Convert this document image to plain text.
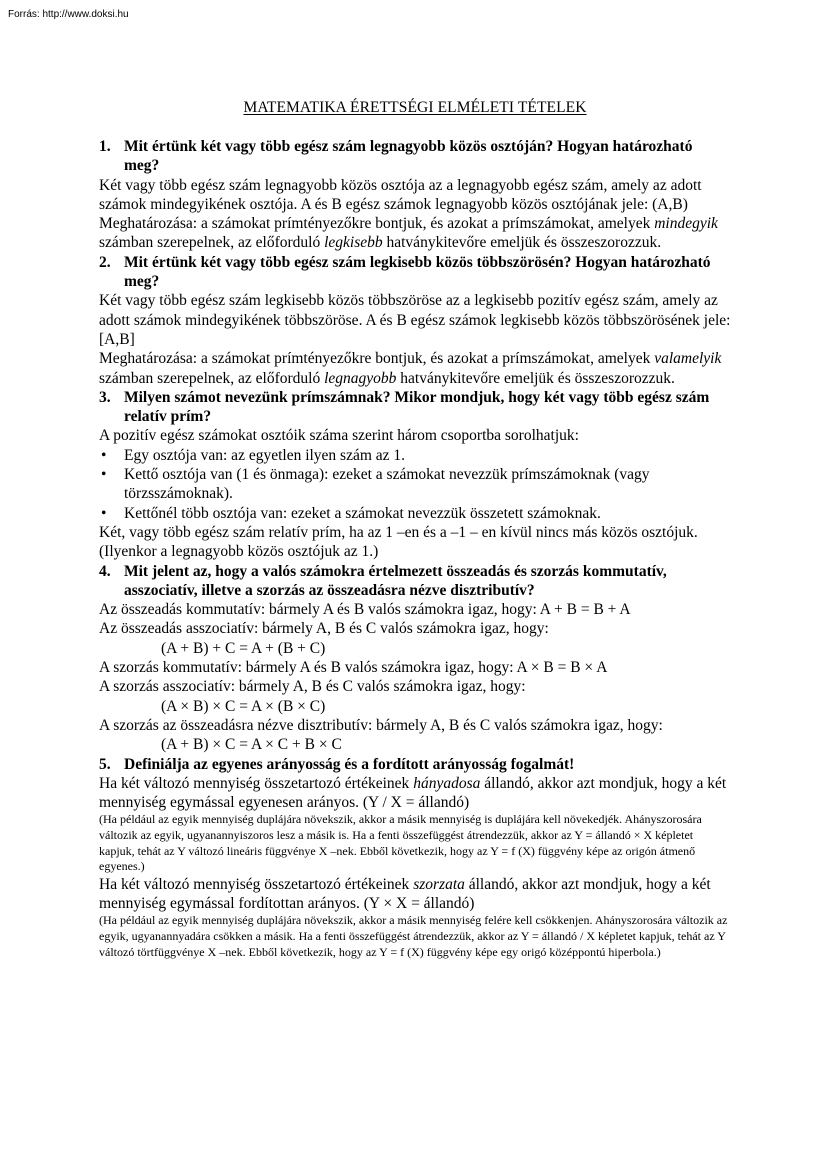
Forrás: http://www.doksi.hu
MATEMATIKA ÉRETTSÉGI ELMÉLETI TÉTELEK
1. Mit értünk két vagy több egész szám legnagyobb közös osztóján? Hogyan határozható meg?

Két vagy több egész szám legnagyobb közös osztója az a legnagyobb egész szám, amely az adott számok mindegyikének osztója. A és B egész számok legnagyobb közös osztójának jele: (A,B)

Meghatározása: a számokat prímtényezőkre bontjuk, és azokat a prímszámokat, amelyek mindegyik számban szerepelnek, az előforduló legkisebb hatványkitevőre emeljük és összeszorozzuk.

2. Mit értünk két vagy több egész szám legkisebb közös többszörösén? Hogyan határozható meg?

Két vagy több egész szám legkisebb közös többszöröse az a legkisebb pozitív egész szám, amely az adott számok mindegyikének többszöröse. A és B egész számok legkisebb közös többszörösének jele: [A,B]

Meghatározása: a számokat prímtényezőkre bontjuk, és azokat a prímszámokat, amelyek valamelyik számban szerepelnek, az előforduló legnagyobb hatványkitevőre emeljük és összeszorozzuk.

3. Milyen számot nevezünk prímszámnak? Mikor mondjuk, hogy két vagy több egész szám relatív prím?

A pozitív egész számokat osztóik száma szerint három csoportba sorolhatjuk:

• Egy osztója van: az egyetlen ilyen szám az 1.
• Kettő osztója van (1 és önmaga): ezeket a számokat nevezzük prímszámoknak (vagy törzsszámoknak).
• Kettőnél több osztója van: ezeket a számokat nevezzük összetett számoknak.

Két, vagy több egész szám relatív prím, ha az 1 –en és a –1 – en kívül nincs más közös osztójuk. (Ilyenkor a legnagyobb közös osztójuk az 1.)

4. Mit jelent az, hogy a valós számokra értelmezett összeadás és szorzás kommutatív, asszociatív, illetve a szorzás az összeadásra nézve disztributív?

Az összeadás kommutatív: bármely A és B valós számokra igaz, hogy: A + B = B + A

Az összeadás asszociatív: bármely A, B és C valós számokra igaz, hogy:

(A + B) + C = A + (B + C)

A szorzás kommutatív: bármely A és B valós számokra igaz, hogy: A × B = B × A

A szorzás asszociatív: bármely A, B és C valós számokra igaz, hogy:

(A × B) × C = A × (B × C)

A szorzás az összeadásra nézve disztributív: bármely A, B és C valós számokra igaz, hogy:

(A + B) × C = A × C + B × C

5. Definiálja az egyenes arányosság és a fordított arányosság fogalmát!

Ha két változó mennyiség összetartozó értékeinek hányadosa állandó, akkor azt mondjuk, hogy a két mennyiség egymással egyenesen arányos. (Y / X = állandó)

(Ha például az egyik mennyiség duplájára növekszik, akkor a másik mennyiség is duplájára kell növekedjék. Ahányszorosára változik az egyik, ugyanannyiszoros lesz a másik is. Ha a fenti összefüggést átrendezzük, akkor az Y = állandó × X képletet kapjuk, tehát az Y változó lineáris függvénye X –nek. Ebből következik, hogy az Y = f (X) függvény képe az origón átmenő egyenes.)

Ha két változó mennyiség összetartozó értékeinek szorzata állandó, akkor azt mondjuk, hogy a két mennyiség egymással fordítottan arányos. (Y × X = állandó)

(Ha például az egyik mennyiség duplájára növekszik, akkor a másik mennyiség felére kell csökkenjen. Ahányszorosára változik az egyik, ugyanannyadára csökken a másik. Ha a fenti összefüggést átrendezzük, akkor az Y = állandó / X képletet kapjuk, tehát az Y változó törtfüggvénye X –nek. Ebből következik, hogy az Y = f (X) függvény képe egy origó középpontú hiperbola.)
